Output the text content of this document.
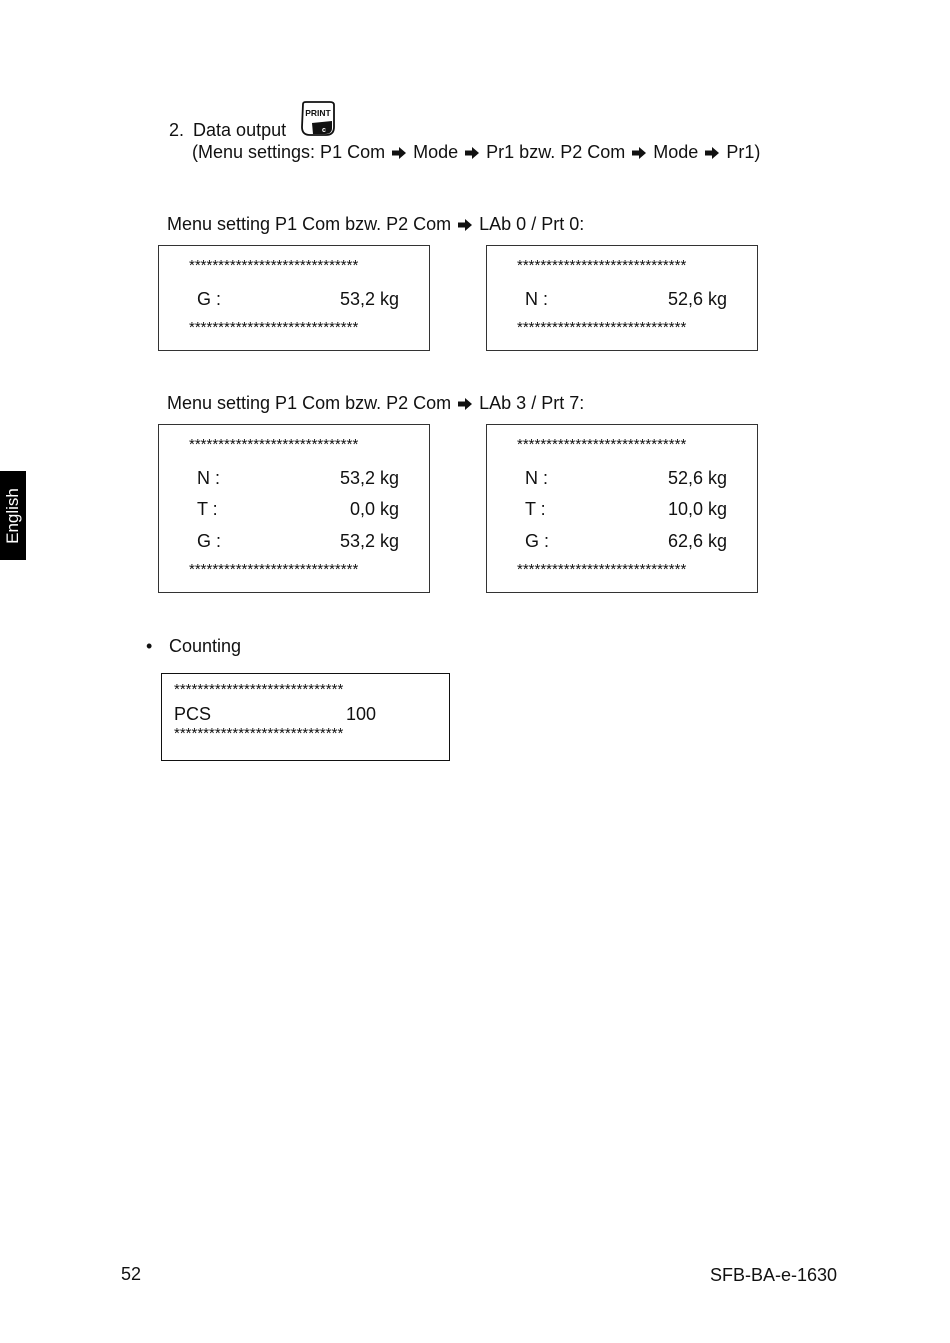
2. Data output
PRINT
c
(Menu settings: P1 Com Mode Pr1 bzw. P2 Com Mode Pr1)
Menu setting P1 Com bzw. P2 Com LAb 0 / Prt 0:
*****************************
G :	53,2 kg
*****************************
*****************************
N :	52,6 kg
*****************************
Menu setting P1 Com bzw. P2 Com LAb 3 / Prt 7:
*****************************
N :	53,2 kg
T :	0,0 kg
G :	53,2 kg
*****************************
*****************************
N :	52,6 kg
T :	10,0 kg
G :	62,6 kg
*****************************
• Counting
*****************************
PCS	100
*****************************
English
52	SFB-BA-e-1630
